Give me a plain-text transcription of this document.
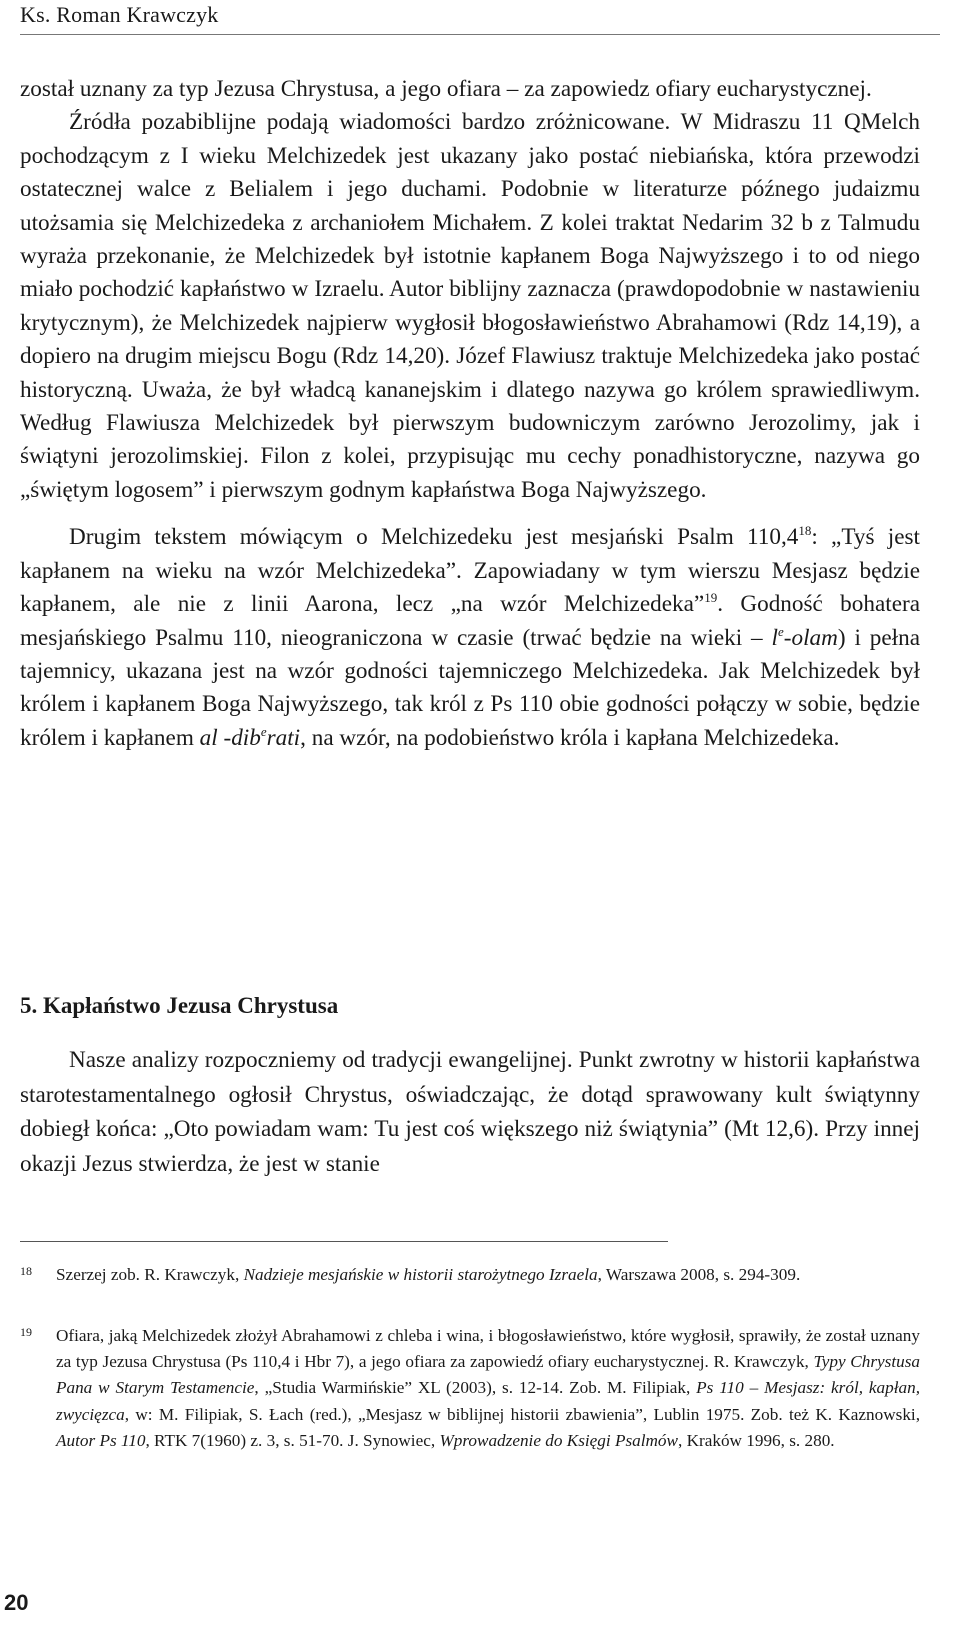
Ks. Roman Krawczyk

został uznany za typ Jezusa Chrystusa, a jego ofiara – za zapowiedz ofiary eucharystycznej.

Źródła pozabiblijne podają wiadomości bardzo zróżnicowane. W Midraszu 11 QMelch pochodzącym z I wieku Melchizedek jest ukazany jako postać niebiańska, która przewodzi ostatecznej walce z Belialem i jego duchami. Podobnie w literaturze późnego judaizmu utożsamia się Melchizedeka z archaniołem Michałem. Z kolei traktat Nedarim 32 b z Talmudu wyraża przekonanie, że Melchizedek był istotnie kapłanem Boga Najwyższego i to od niego miało pochodzić kapłaństwo w Izraelu. Autor biblijny zaznacza (prawdopodobnie w nastawieniu krytycznym), że Melchizedek najpierw wygłosił błogosławieństwo Abrahamowi (Rdz 14,19), a dopiero na drugim miejscu Bogu (Rdz 14,20). Józef Flawiusz traktuje Melchizedeka jako postać historyczną. Uważa, że był władcą kananejskim i dlatego nazywa go królem sprawiedliwym. Według Flawiusza Melchizedek był pierwszym budowniczym zarówno Jerozolimy, jak i świątyni jerozolimskiej. Filon z kolei, przypisując mu cechy ponadhistoryczne, nazywa go „świętym logosem” i pierwszym godnym kapłaństwa Boga Najwyższego.

Drugim tekstem mówiącym o Melchizedeku jest mesjański Psalm 110,4$^{18}$: „Tyś jest kapłanem na wieku na wzór Melchizedeka”. Zapowiadany w tym wierszu Mesjasz będzie kapłanem, ale nie z linii Aarona, lecz „na wzór Melchizedeka”$^{19}$. Godność bohatera mesjańskiego Psalmu 110, nieograniczona w czasie (trwać będzie na wieki – $l^e-olam$) i pełna tajemnicy, ukazana jest na wzór godności tajemniczego Melchizedeka. Jak Melchizedek był królem i kapłanem Boga Najwyższego, tak król z Ps 110 obie godności połączy w sobie, będzie królem i kapłanem al -dib$^e$rati, na wzór, na podobieństwo króla i kapłana Melchizedeka.

5. Kapłaństwo Jezusa Chrystusa

Nasze analizy rozpoczniemy od tradycji ewangelijnej. Punkt zwrotny w historii kapłaństwa starotestamentalnego ogłosił Chrystus, oświadczając, że dotąd sprawowany kult świątynny dobiegł końca: „Oto powiadam wam: Tu jest coś większego niż świątynia” (Mt 12,6). Przy innej okazji Jezus stwierdza, że jest w stanie

18 Szerzej zob. R. Krawczyk, Nadzieje mesjańskie w historii starożytnego Izraela, Warszawa 2008, s. 294-309.
19 Ofiara, jaką Melchizedek złożył Abrahamowi z chleba i wina, i błogosławieństwo, które wygłosił, sprawiły, że został uznany za typ Jezusa Chrystusa (Ps 110,4 i Hbr 7), a jego ofiara za zapowiedź ofiary eucharystycznej. R. Krawczyk, Typy Chrystusa Pana w Starym Testamencie, „Studia Warmińskie” XL (2003), s. 12-14. Zob. M. Filipiak, Ps 110 – Mesjasz: król, kapłan, zwycięzca, w: M. Filipiak, S. Łach (red.), „Mesjasz w biblijnej historii zbawienia”, Lublin 1975. Zob. też K. Kaznowski, Autor Ps 110, RTK 7(1960) z. 3, s. 51-70. J. Synowiec, Wprowadzenie do Księgi Psalmów, Kraków 1996, s. 280.
20
